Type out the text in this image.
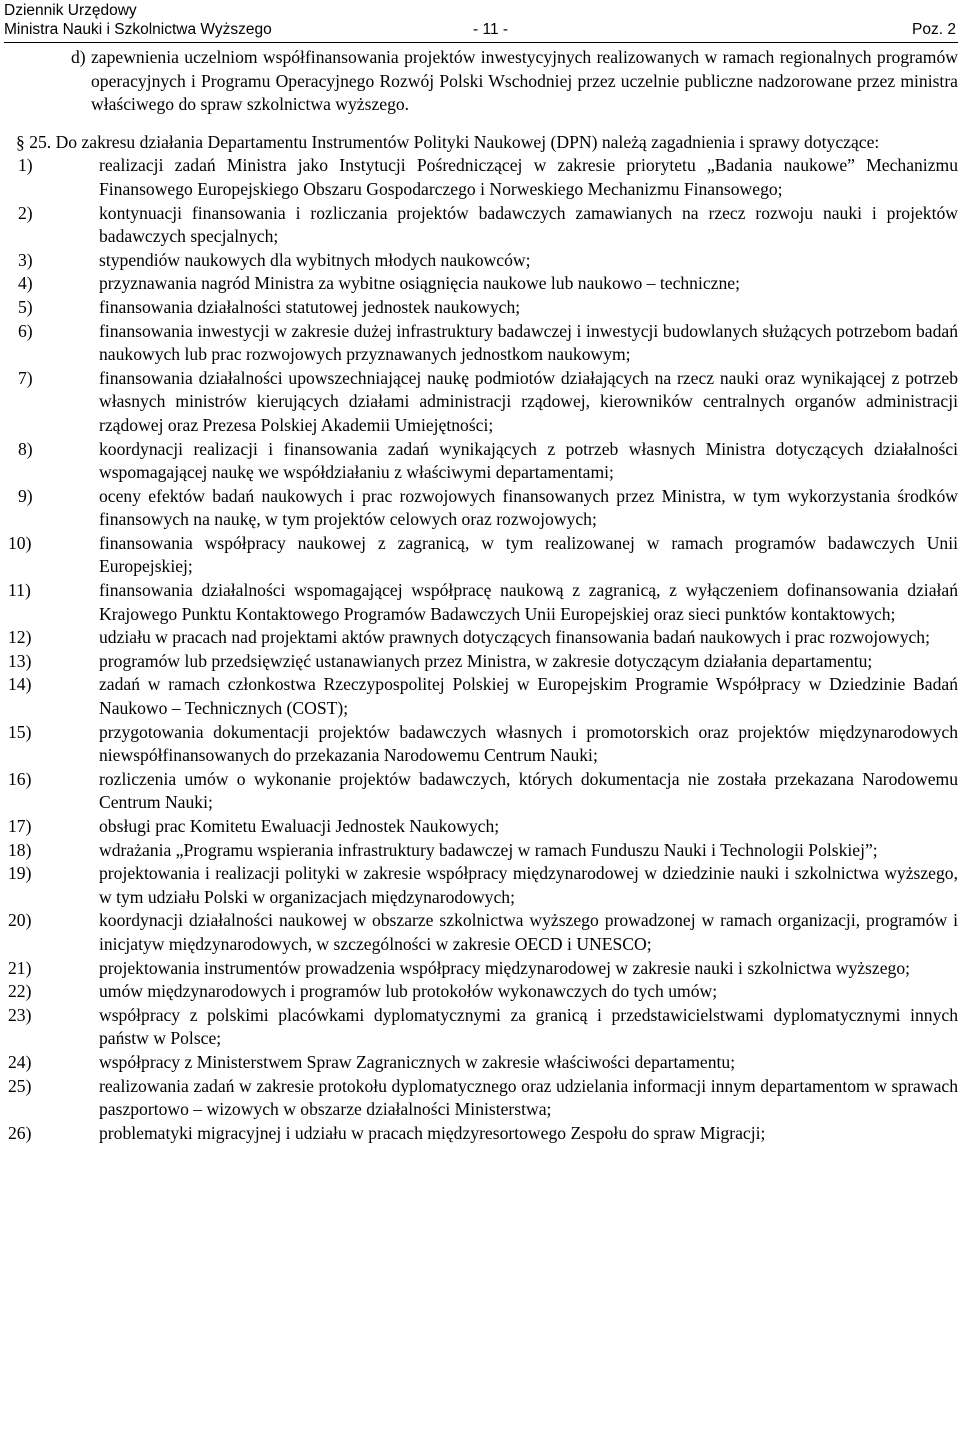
Dziennik Urzędowy
Ministra Nauki i Szkolnictwa Wyższego	- 11 -	Poz. 2
d) zapewnienia uczelniom współfinansowania projektów inwestycyjnych realizowanych w ramach regionalnych programów operacyjnych i Programu Operacyjnego Rozwój Polski Wschodniej przez uczelnie publiczne nadzorowane przez ministra właściwego do spraw szkolnictwa wyższego.
§ 25. Do zakresu działania Departamentu Instrumentów Polityki Naukowej (DPN) należą zagadnienia i sprawy dotyczące:
1)	realizacji zadań Ministra jako Instytucji Pośredniczącej w zakresie priorytetu „Badania naukowe” Mechanizmu Finansowego Europejskiego Obszaru Gospodarczego i Norweskiego Mechanizmu Finansowego;
2)	kontynuacji finansowania i rozliczania projektów badawczych zamawianych na rzecz rozwoju nauki i projektów badawczych specjalnych;
3)	stypendiów naukowych dla wybitnych młodych naukowców;
4)	przyznawania nagród Ministra za wybitne osiągnięcia naukowe lub naukowo – techniczne;
5)	finansowania działalności statutowej jednostek naukowych;
6)	finansowania inwestycji w zakresie dużej infrastruktury badawczej i inwestycji budowlanych służących potrzebom badań naukowych lub prac rozwojowych przyznawanych jednostkom naukowym;
7)	finansowania działalności upowszechniającej naukę podmiotów działających na rzecz nauki oraz wynikającej z potrzeb własnych ministrów kierujących działami administracji rządowej, kierowników centralnych organów administracji rządowej oraz Prezesa Polskiej Akademii Umiejętności;
8)	koordynacji realizacji i finansowania zadań wynikających z potrzeb własnych Ministra dotyczących działalności wspomagającej naukę we współdziałaniu z właściwymi departamentami;
9)	oceny efektów badań naukowych i prac rozwojowych finansowanych przez Ministra, w tym wykorzystania środków finansowych na naukę, w tym projektów celowych oraz rozwojowych;
10)	finansowania współpracy naukowej z zagranicą, w tym realizowanej w ramach programów badawczych Unii Europejskiej;
11)	finansowania działalności wspomagającej współpracę naukową z zagranicą, z wyłączeniem dofinansowania działań Krajowego Punktu Kontaktowego Programów Badawczych Unii Europejskiej oraz sieci punktów kontaktowych;
12)	udziału w pracach nad projektami aktów prawnych dotyczących finansowania badań naukowych i prac rozwojowych;
13)	programów lub przedsięwzięć ustanawianych przez Ministra, w zakresie dotyczącym działania departamentu;
14)	zadań w ramach członkostwa Rzeczypospolitej Polskiej w Europejskim Programie Współpracy w Dziedzinie Badań Naukowo – Technicznych (COST);
15)	przygotowania dokumentacji projektów badawczych własnych i promotorskich oraz projektów międzynarodowych niewspółfinansowanych do przekazania Narodowemu Centrum Nauki;
16)	rozliczenia umów o wykonanie projektów badawczych, których dokumentacja nie została przekazana Narodowemu Centrum Nauki;
17)	obsługi prac Komitetu Ewaluacji Jednostek Naukowych;
18)	wdrażania „Programu wspierania infrastruktury badawczej w ramach Funduszu Nauki i Technologii Polskiej”;
19)	projektowania i realizacji polityki w zakresie współpracy międzynarodowej w dziedzinie nauki i szkolnictwa wyższego, w tym udziału Polski w organizacjach międzynarodowych;
20)	koordynacji działalności naukowej w obszarze szkolnictwa wyższego prowadzonej w ramach organizacji, programów i inicjatyw międzynarodowych, w szczególności w zakresie OECD i UNESCO;
21)	projektowania instrumentów prowadzenia współpracy międzynarodowej w zakresie nauki i szkolnictwa wyższego;
22)	umów międzynarodowych i programów lub protokołów wykonawczych do tych umów;
23)	współpracy z polskimi placówkami dyplomatycznymi za granicą i przedstawicielstwami dyplomatycznymi innych państw w Polsce;
24)	współpracy z Ministerstwem Spraw Zagranicznych w zakresie właściwości departamentu;
25)	realizowania zadań w zakresie protokołu dyplomatycznego oraz udzielania informacji innym departamentom w sprawach paszportowo – wizowych w obszarze działalności Ministerstwa;
26)	problematyki migracyjnej i udziału w pracach międzyresortowego Zespołu do spraw Migracji;
